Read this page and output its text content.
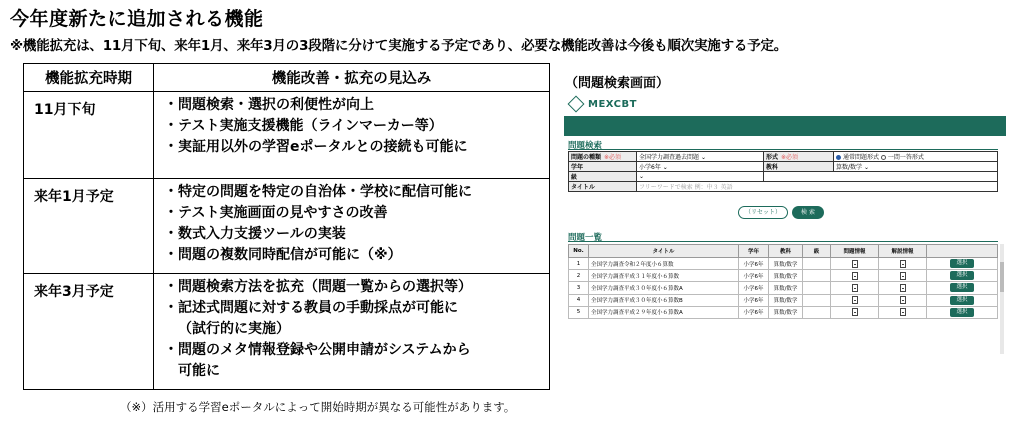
今年度新たに追加される機能
※機能拡充は、11月下旬、来年1月、来年3月の3段階に分けて実施する予定であり、必要な機能改善は今後も順次実施する予定。
機能拡充時期	機能改善・拡充の見込み
11月下旬	・問題検索・選択の利便性が向上
・テスト実施支援機能（ラインマーカー等）
・実証用以外の学習eポータルとの接続も可能に

来年1月予定	・特定の問題を特定の自治体・学校に配信可能に
・テスト実施画面の見やすさの改善
・数式入力支援ツールの実装
・問題の複数同時配信が可能に（※）

来年3月予定	・問題検索方法を拡充（問題一覧からの選択等）
・記述式問題に対する教員の手動採点が可能に
（試行的に実施）
・問題のメタ情報登録や公開申請がシステムから
可能に
（※）活用する学習eポータルによって開始時期が異なる可能性があります。
（問題検索画面）
MEXCBT
問題検索
問題の種類 ※必須	全国学力調査過去問題 ⌄	形式 ※必須	通常問題形式 一問一答形式
学年	小学6年 ⌄	教科	算数/数学 ⌄
級	⌄		
タイトル	フリーワードで検索 例：中３ 英語		
（リセット）	検 索
問題一覧
No.	タイトル	学年	教科	級	問題情報	解説情報	
1	全国学力調査令和２年度小６算数	小学6年	算数/数学				選択
2	全国学力調査平成３１年度小６算数	小学6年	算数/数学				選択
3	全国学力調査平成３０年度小６算数A	小学6年	算数/数学				選択
4	全国学力調査平成３０年度小６算数B	小学6年	算数/数学				選択
5	全国学力調査平成２９年度小６算数A	小学6年	算数/数学				選択
